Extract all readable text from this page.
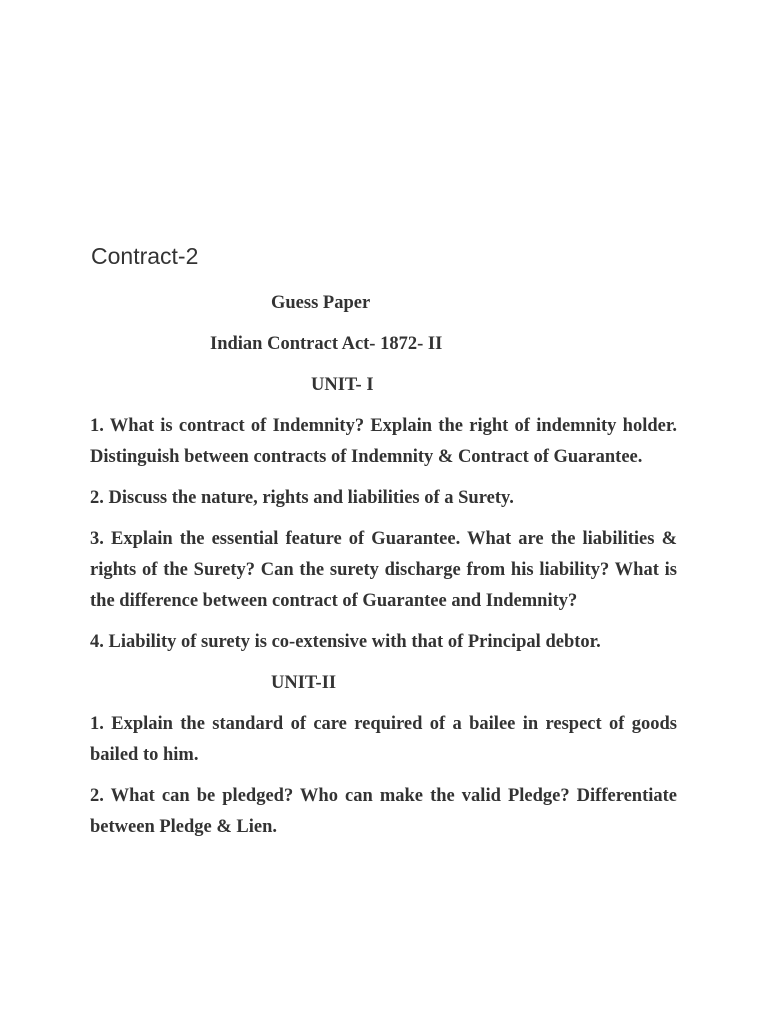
Contract-2

Guess Paper

Indian Contract Act- 1872- II

UNIT- I

1. What is contract of Indemnity? Explain the right of indemnity holder. Distinguish between contracts of Indemnity & Contract of Guarantee.

2. Discuss the nature, rights and liabilities of a Surety.

3. Explain the essential feature of Guarantee. What are the liabilities & rights of the Surety? Can the surety discharge from his liability? What is the difference between contract of Guarantee and Indemnity?

4. Liability of surety is co-extensive with that of Principal debtor.

UNIT-II

1. Explain the standard of care required of a bailee in respect of goods bailed to him.

2. What can be pledged? Who can make the valid Pledge? Differentiate between Pledge & Lien.
